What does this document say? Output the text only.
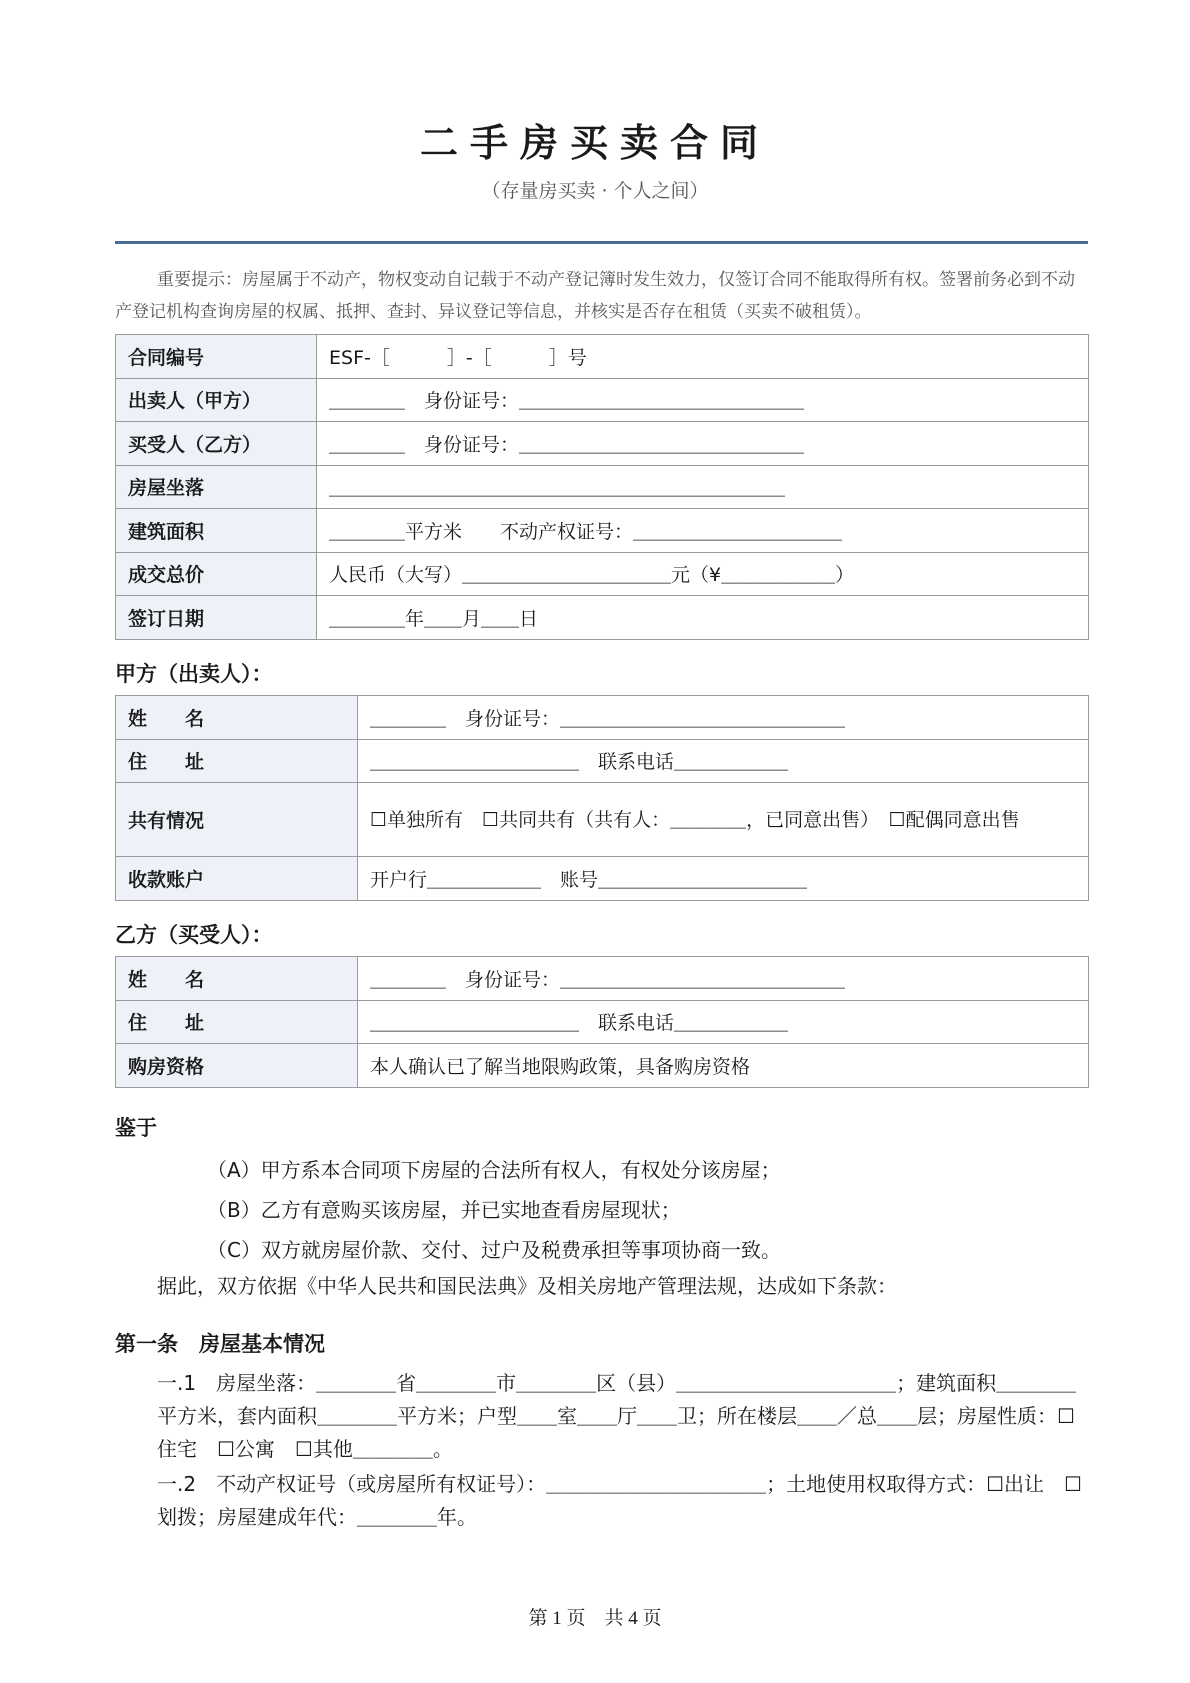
二手房买卖合同
（存量房买卖 · 个人之间）
重要提示：房屋属于不动产，物权变动自记载于不动产登记簿时发生效力，仅签订合同不能取得所有权。签署前务必到不动产登记机构查询房屋的权属、抵押、查封、异议登记等信息，并核实是否存在租赁（买卖不破租赁）。
合同编号	ESF-［　　　］-［　　　］号
出卖人（甲方）	＿＿＿＿　身份证号：＿＿＿＿＿＿＿＿＿＿＿＿＿＿＿
买受人（乙方）	＿＿＿＿　身份证号：＿＿＿＿＿＿＿＿＿＿＿＿＿＿＿
房屋坐落	＿＿＿＿＿＿＿＿＿＿＿＿＿＿＿＿＿＿＿＿＿＿＿＿
建筑面积	＿＿＿＿平方米　　不动产权证号：＿＿＿＿＿＿＿＿＿＿＿
成交总价	人民币（大写）＿＿＿＿＿＿＿＿＿＿＿元（¥＿＿＿＿＿＿）
签订日期	＿＿＿＿年＿＿月＿＿日
甲方（出卖人）：
姓　　名	＿＿＿＿　身份证号：＿＿＿＿＿＿＿＿＿＿＿＿＿＿＿
住　　址	＿＿＿＿＿＿＿＿＿＿＿　联系电话＿＿＿＿＿＿
共有情况	☐单独所有　☐共同共有（共有人：＿＿＿＿，已同意出售）　☐配偶同意出售
收款账户	开户行＿＿＿＿＿＿　账号＿＿＿＿＿＿＿＿＿＿＿
乙方（买受人）：
姓　　名	＿＿＿＿　身份证号：＿＿＿＿＿＿＿＿＿＿＿＿＿＿＿
住　　址	＿＿＿＿＿＿＿＿＿＿＿　联系电话＿＿＿＿＿＿
购房资格	本人确认已了解当地限购政策，具备购房资格
鉴于
（A）甲方系本合同项下房屋的合法所有权人，有权处分该房屋；
（B）乙方有意购买该房屋，并已实地查看房屋现状；
（C）双方就房屋价款、交付、过户及税费承担等事项协商一致。
据此，双方依据《中华人民共和国民法典》及相关房地产管理法规，达成如下条款：
第一条　房屋基本情况
一.1　房屋坐落：＿＿＿＿省＿＿＿＿市＿＿＿＿区（县）＿＿＿＿＿＿＿＿＿＿＿；建筑面积＿＿＿＿平方米，套内面积＿＿＿＿平方米；户型＿＿室＿＿厅＿＿卫；所在楼层＿＿／总＿＿层；房屋性质：☐住宅　☐公寓　☐其他＿＿＿＿。
一.2　不动产权证号（或房屋所有权证号）：＿＿＿＿＿＿＿＿＿＿＿；土地使用权取得方式：☐出让　☐划拨；房屋建成年代：＿＿＿＿年。
第 1 页　共 4 页
